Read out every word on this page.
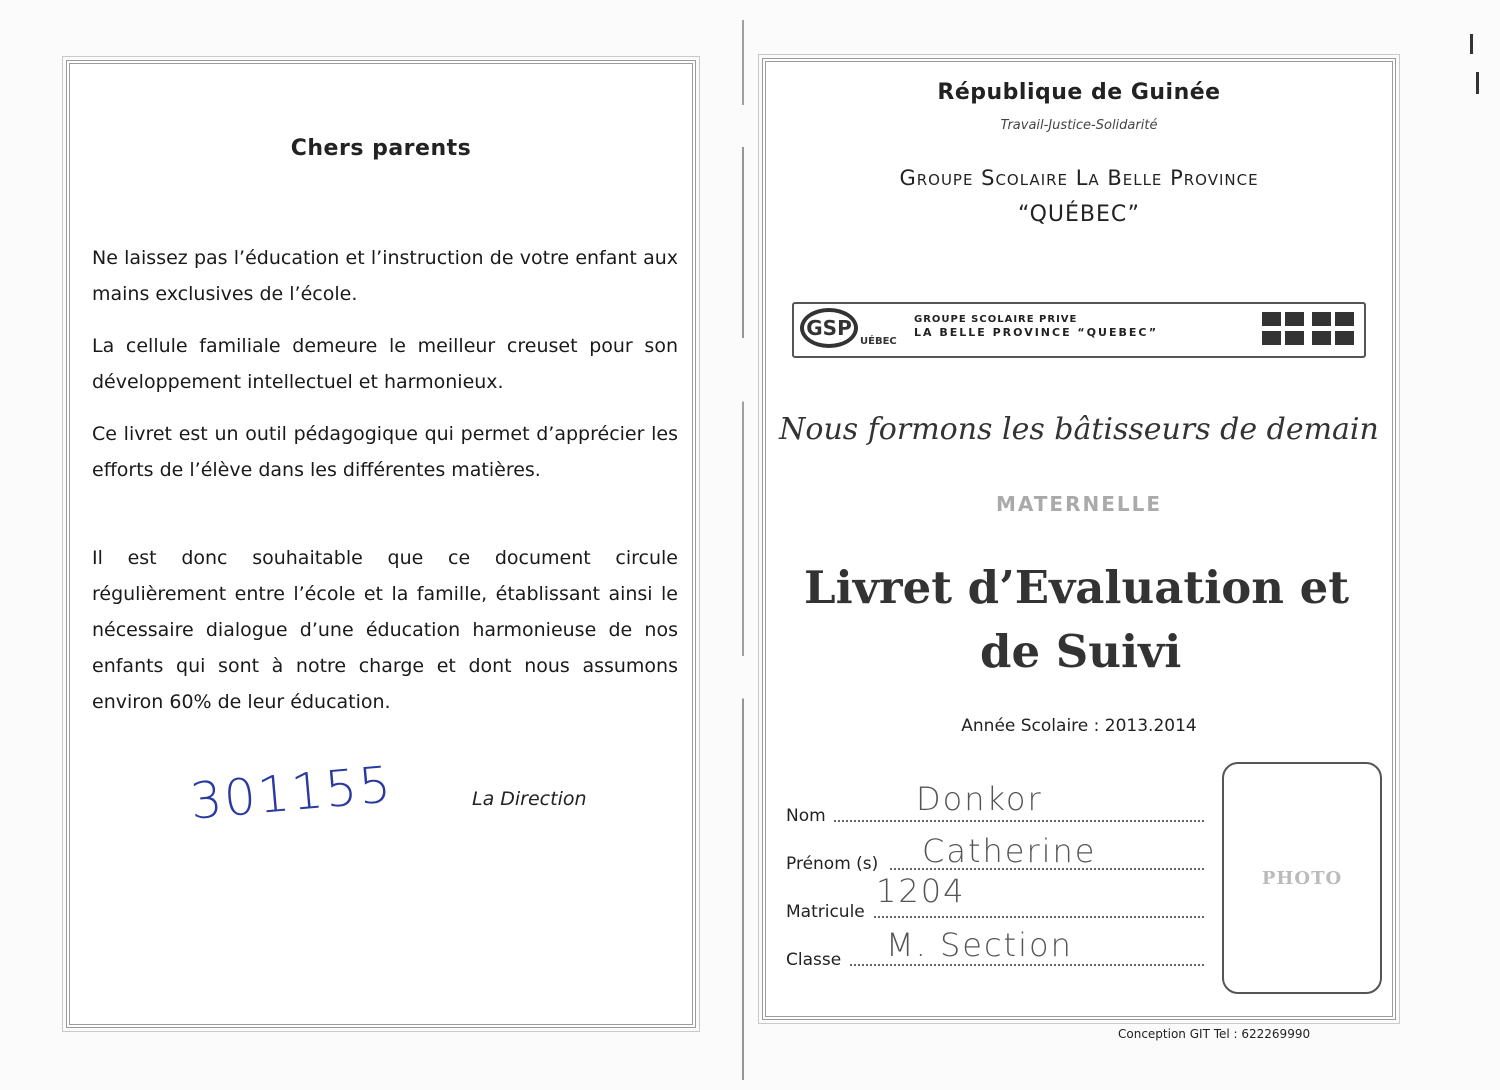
Chers parents
Ne laissez pas l’éducation et l’instruction de votre enfant aux mains exclusives de l’école.
La cellule familiale demeure le meilleur creuset pour son développement intellectuel et harmonieux.
Ce livret est un outil pédagogique qui permet d’apprécier les efforts de l’élève dans les différentes matières.
Il est donc souhaitable que ce document circule régulièrement entre l’école et la famille, établissant ainsi le nécessaire dialogue d’une éducation harmonieuse de nos enfants qui sont à notre charge et dont nous assumons environ 60% de leur éducation.
301155	La Direction
République de Guinée
Travail-Justice-Solidarité
Groupe Scolaire La Belle Province
“QUÉBEC”
GSP
UÉBEC
GROUPE SCOLAIRE PRIVE
LA BELLE PROVINCE “QUEBEC”
Nous formons les bâtisseurs de demain
MATERNELLE
Livret d’Evaluation et
de Suivi
Année Scolaire : 2013.2014
Nom	Donkor
Prénom (s) Catherine
Matricule
1204
Classe M. Section
PHOTO
Conception GIT Tel : 622269990
